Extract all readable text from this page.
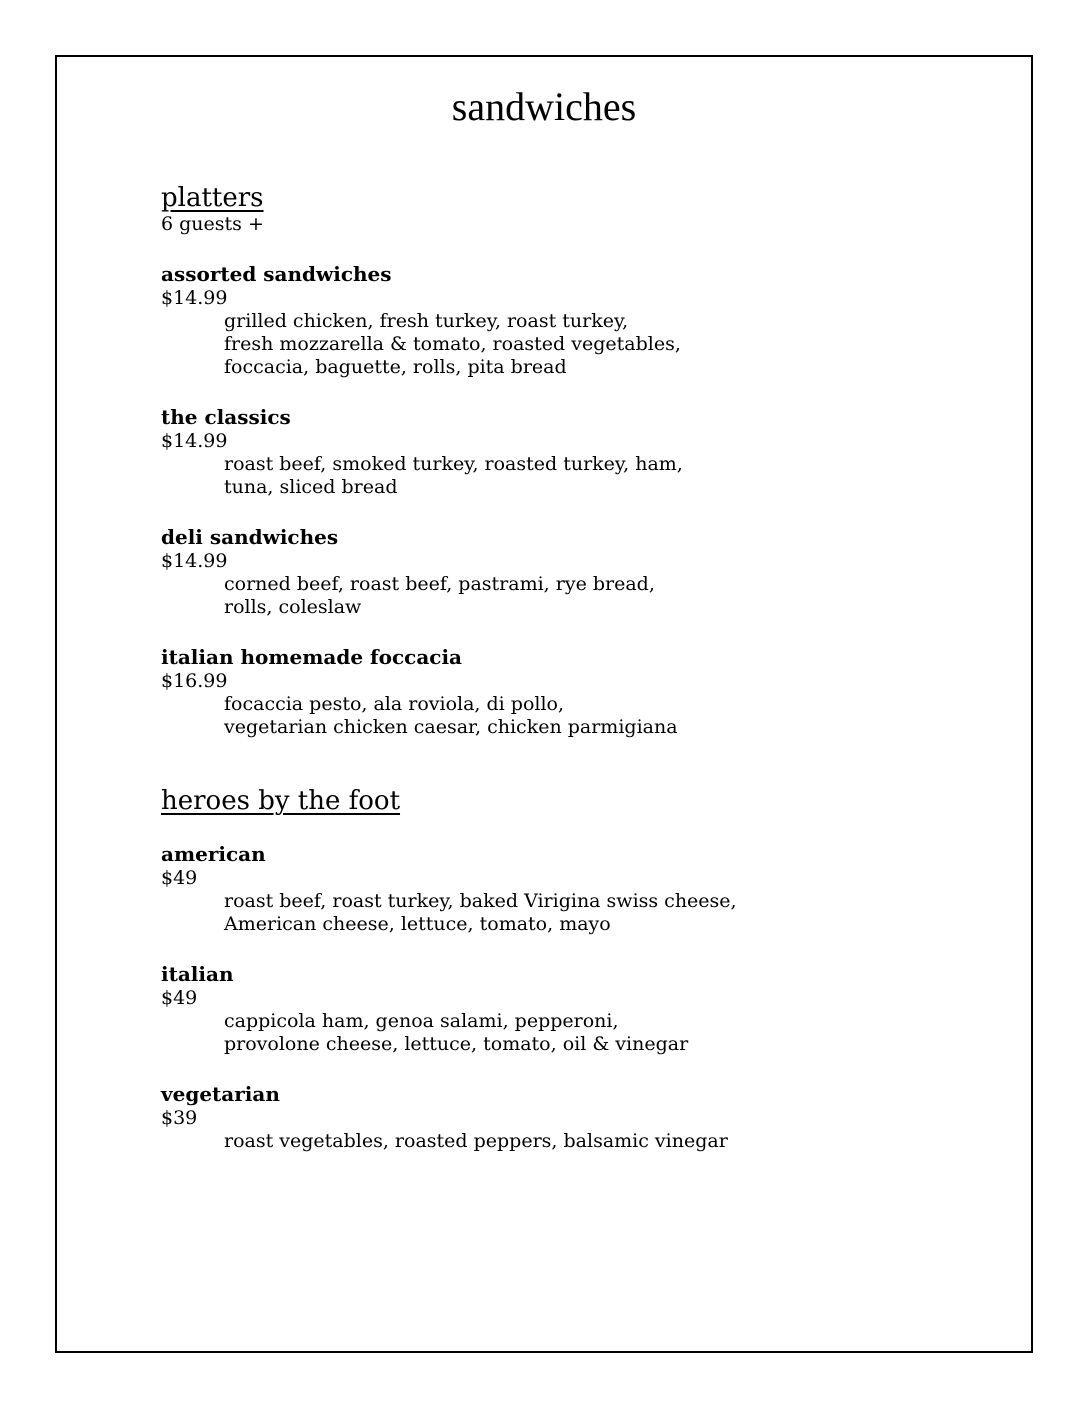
sandwiches
platters
6 guests +
assorted sandwiches
$14.99
grilled chicken, fresh turkey, roast turkey,
fresh mozzarella & tomato, roasted vegetables,
foccacia, baguette, rolls, pita bread
the classics
$14.99
roast beef, smoked turkey, roasted turkey, ham,
tuna, sliced bread
deli sandwiches
$14.99
corned beef, roast beef, pastrami, rye bread,
rolls, coleslaw
italian homemade foccacia
$16.99
focaccia pesto, ala roviola, di pollo,
vegetarian chicken caesar, chicken parmigiana
heroes by the foot
american
$49
roast beef, roast turkey, baked Virigina swiss cheese,
American cheese, lettuce, tomato, mayo
italian
$49
cappicola ham, genoa salami, pepperoni,
provolone cheese, lettuce, tomato, oil & vinegar
vegetarian
$39
roast vegetables, roasted peppers, balsamic vinegar
